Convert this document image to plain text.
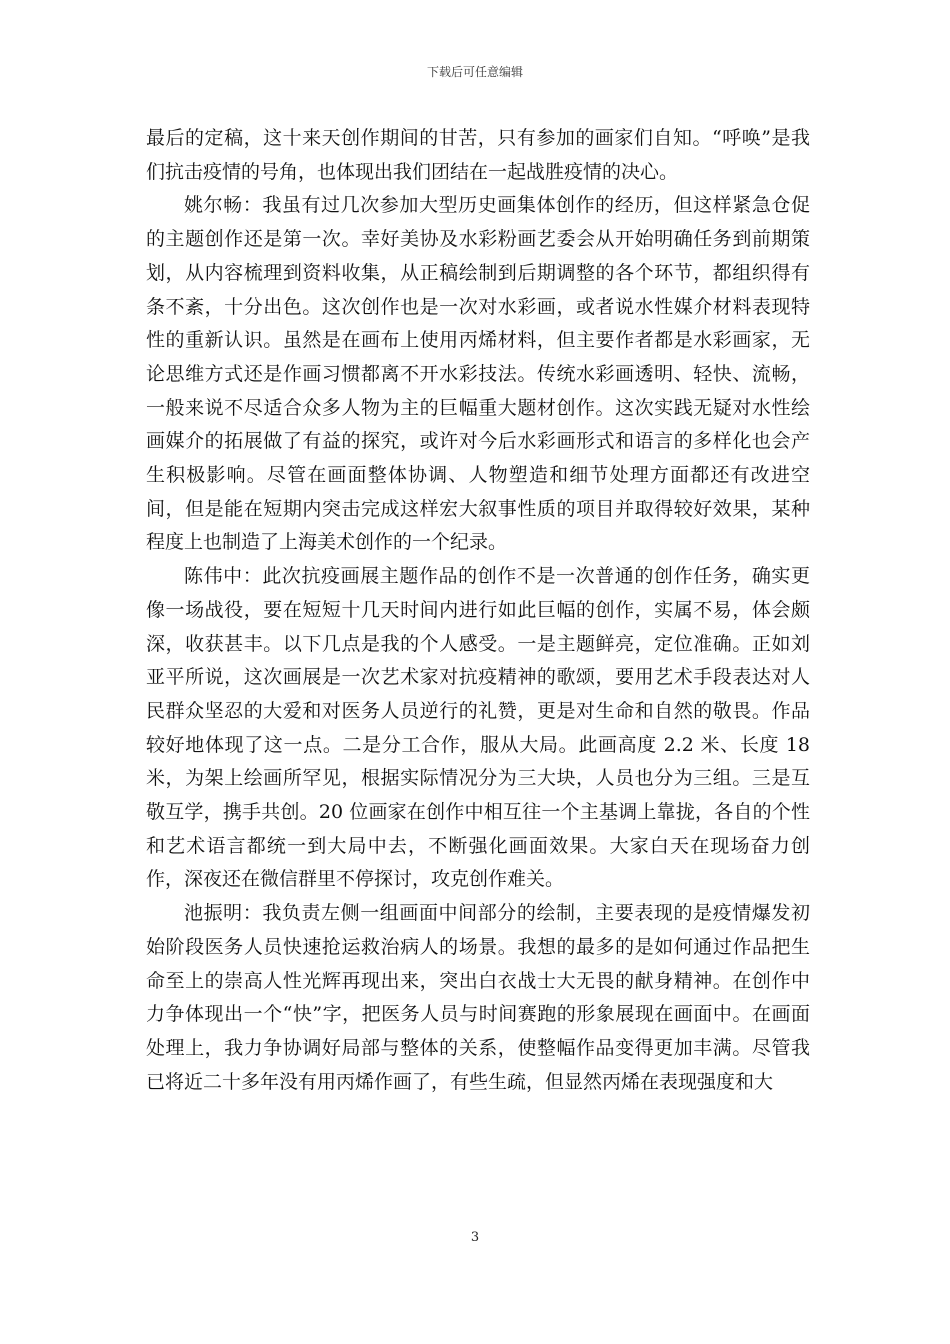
下载后可任意编辑

最后的定稿，这十来天创作期间的甘苦，只有参加的画家们自知。“呼唤”是我们抗击疫情的号角，也体现出我们团结在一起战胜疫情的决心。

姚尔畅：我虽有过几次参加大型历史画集体创作的经历，但这样紧急仓促的主题创作还是第一次。幸好美协及水彩粉画艺委会从开始明确任务到前期策划，从内容梳理到资料收集，从正稿绘制到后期调整的各个环节，都组织得有条不紊，十分出色。这次创作也是一次对水彩画，或者说水性媒介材料表现特性的重新认识。虽然是在画布上使用丙烯材料，但主要作者都是水彩画家，无论思维方式还是作画习惯都离不开水彩技法。传统水彩画透明、轻快、流畅，一般来说不尽适合众多人物为主的巨幅重大题材创作。这次实践无疑对水性绘画媒介的拓展做了有益的探究，或许对今后水彩画形式和语言的多样化也会产生积极影响。尽管在画面整体协调、人物塑造和细节处理方面都还有改进空间，但是能在短期内突击完成这样宏大叙事性质的项目并取得较好效果，某种程度上也制造了上海美术创作的一个纪录。

陈伟中：此次抗疫画展主题作品的创作不是一次普通的创作任务，确实更像一场战役，要在短短十几天时间内进行如此巨幅的创作，实属不易，体会颇深，收获甚丰。以下几点是我的个人感受。一是主题鲜亮，定位准确。正如刘亚平所说，这次画展是一次艺术家对抗疫精神的歌颂，要用艺术手段表达对人民群众坚忍的大爱和对医务人员逆行的礼赞，更是对生命和自然的敬畏。作品较好地体现了这一点。二是分工合作，服从大局。此画高度 2.2 米、长度 18 米，为架上绘画所罕见，根据实际情况分为三大块，人员也分为三组。三是互敬互学，携手共创。20 位画家在创作中相互往一个主基调上靠拢，各自的个性和艺术语言都统一到大局中去，不断强化画面效果。大家白天在现场奋力创作，深夜还在微信群里不停探讨，攻克创作难关。

池振明：我负责左侧一组画面中间部分的绘制，主要表现的是疫情爆发初始阶段医务人员快速抢运救治病人的场景。我想的最多的是如何通过作品把生命至上的崇高人性光辉再现出来，突出白衣战士大无畏的献身精神。在创作中力争体现出一个“快”字，把医务人员与时间赛跑的形象展现在画面中。在画面处理上，我力争协调好局部与整体的关系，使整幅作品变得更加丰满。尽管我已将近二十多年没有用丙烯作画了，有些生疏，但显然丙烯在表现强度和大

3
